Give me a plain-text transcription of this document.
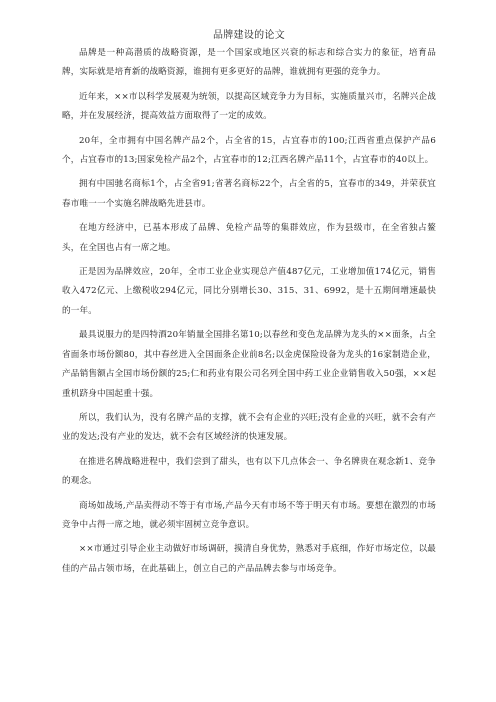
品牌建设的论文

品牌是一种高潜质的战略资源，是一个国家或地区兴衰的标志和综合实力的象征，培育品牌，实际就是培育新的战略资源，谁拥有更多更好的品牌，谁就拥有更强的竞争力。

近年来，××市以科学发展观为统领，以提高区域竞争力为目标，实施质量兴市，名牌兴企战略，并在发展经济，提高效益方面取得了一定的成效。

20年，全市拥有中国名牌产品2个，占全省的15，占宜春市的100;江西省重点保护产品6个，占宜春市的13;国家免检产品2个，占宜春市的12;江西名牌产品11个，占宜春市的40以上。

拥有中国驰名商标1个，占全省91;省著名商标22个，占全省的5，宜春市的349，并荣获宜春市唯一一个实施名牌战略先进县市。

在地方经济中，已基本形成了品牌、免检产品等的集群效应，作为县级市，在全省独占鳌头，在全国也占有一席之地。

正是因为品牌效应，20年，全市工业企业实现总产值487亿元，工业增加值174亿元，销售收入472亿元、上缴税收294亿元，同比分别增长30、315、31、6992，是十五期间增速最快的一年。

最具说服力的是四特酒20年销量全国排名第10;以春丝和变色龙品牌为龙头的××面条，占全省面条市场份额80，其中春丝进入全国面条企业前8名;以金虎保险设备为龙头的16家制造企业，产品销售额占全国市场份额的25;仁和药业有限公司名列全国中药工业企业销售收入50强，××起重机跻身中国起重十强。

所以，我们认为，没有名牌产品的支撑，就不会有企业的兴旺;没有企业的兴旺，就不会有产业的发达;没有产业的发达，就不会有区域经济的快速发展。

在推进名牌战略进程中，我们尝到了甜头，也有以下几点体会一、争名牌贵在观念新1、竞争的观念。

商场如战场,产品卖得动不等于有市场,产品今天有市场不等于明天有市场。要想在激烈的市场竞争中占得一席之地，就必须牢固树立竞争意识。

××市通过引导企业主动做好市场调研，摸清自身优势，熟悉对手底细，作好市场定位，以最佳的产品占领市场，在此基础上，创立自己的产品品牌去参与市场竞争。
